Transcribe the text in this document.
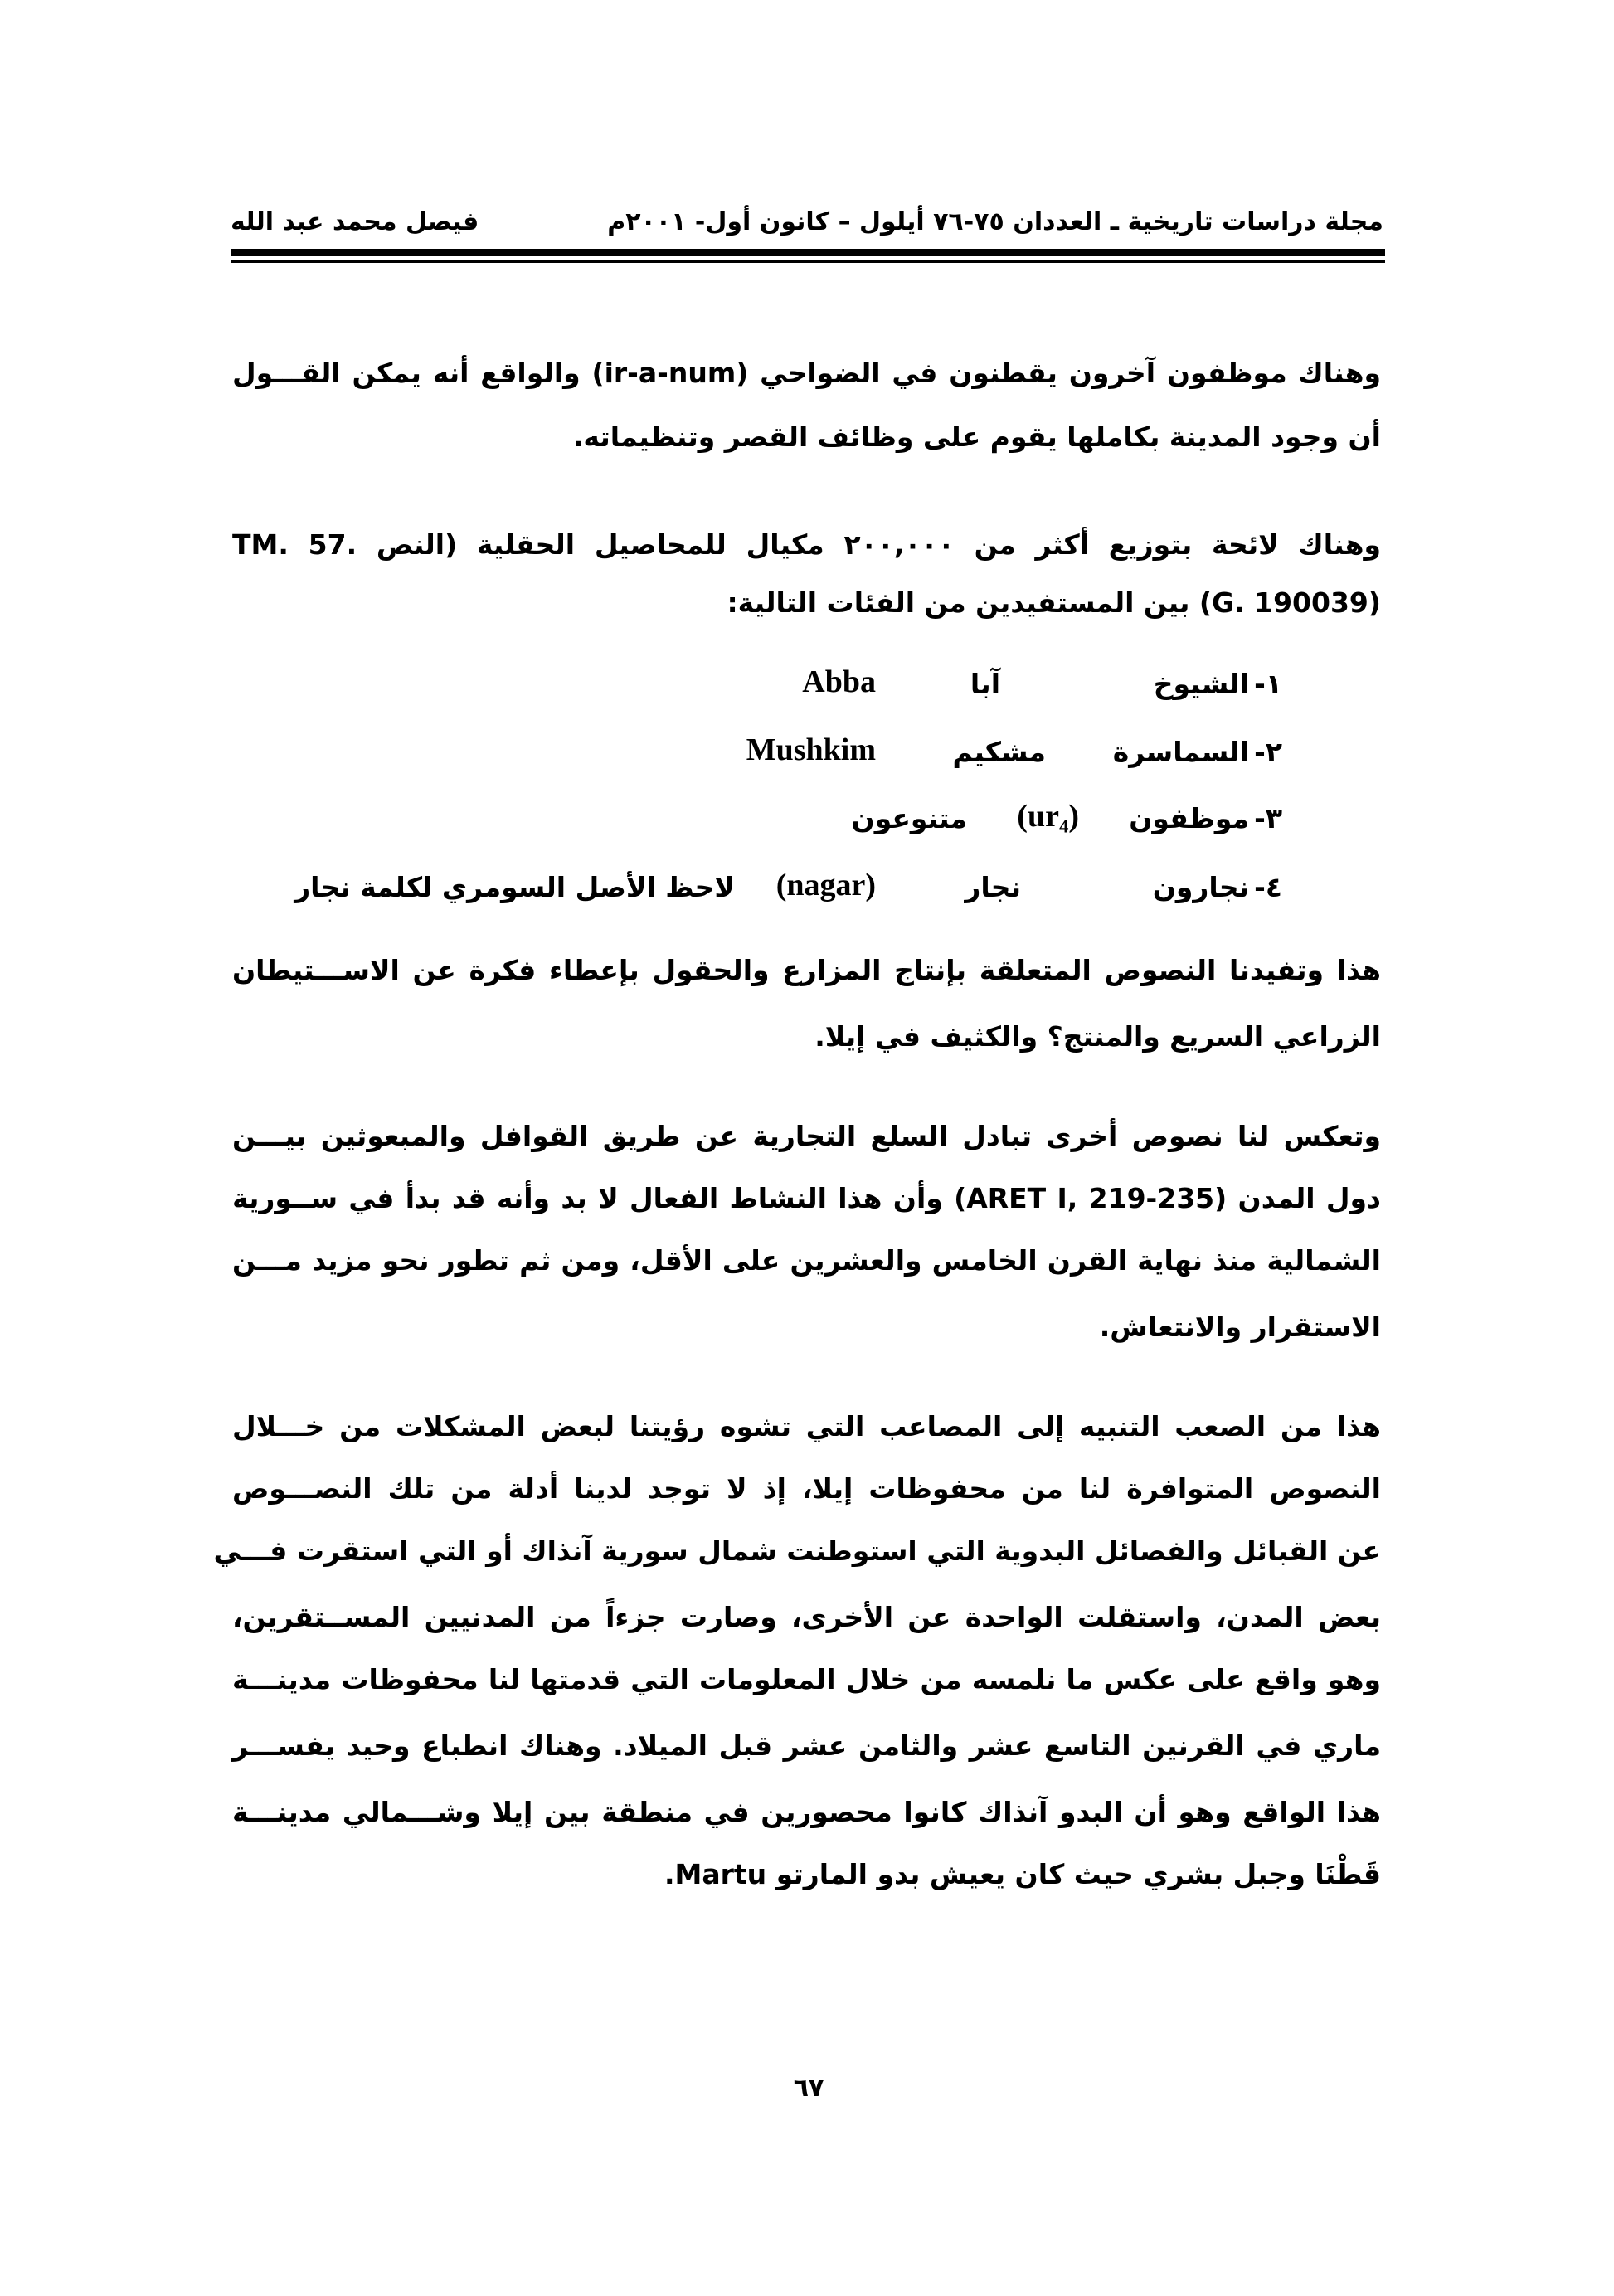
مجلة دراسات تاريخية ـ العددان ٧٥-٧٦ أيلول – كانون أول- ٢٠٠١م
فيصل محمد عبد الله
وهناك موظفون آخرون يقطنون في الضواحي (ir-a-num) والواقع أنه يمكن القـــول
أن وجود المدينة بكاملها يقوم على وظائف القصر وتنظيماته.
وهناك لائحة بتوزيع أكثر من ٢٠٠,٠٠٠ مكيال للمحاصيل الحقلية (النص .TM. 57
(G. 190039) بين المستفيدين من الفئات التالية:
١-
الشيوخ
آبا
Abba
٢-
السماسرة
مشكيم
Mushkim
٣-
موظفون
(ur₄)
متنوعون
٤-
نجارون
نجار
(nagar)
لاحظ الأصل السومري لكلمة نجار
هذا وتفيدنا النصوص المتعلقة بإنتاج المزارع والحقول بإعطاء فكرة عن الاســـتيطان
الزراعي السريع والمنتج؟ والكثيف في إيلا.
وتعكس لنا نصوص أخرى تبادل السلع التجارية عن طريق القوافل والمبعوثين بيـــن
دول المدن (ARET I, 219-235) وأن هذا النشاط الفعال لا بد وأنه قد بدأ في ســورية
الشمالية منذ نهاية القرن الخامس والعشرين على الأقل، ومن ثم تطور نحو مزيد مـــن
الاستقرار والانتعاش.
هذا من الصعب التنبيه إلى المصاعب التي تشوه رؤيتنا لبعض المشكلات من خـــلال
النصوص المتوافرة لنا من محفوظات إيلا، إذ لا توجد لدينا أدلة من تلك النصـــوص
عن القبائل والفصائل البدوية التي استوطنت شمال سورية آنذاك أو التي استقرت فـــي
بعض المدن، واستقلت الواحدة عن الأخرى، وصارت جزءاً من المدنيين المســتقرين،
وهو واقع على عكس ما نلمسه من خلال المعلومات التي قدمتها لنا محفوظات مدينـــة
ماري في القرنين التاسع عشر والثامن عشر قبل الميلاد. وهناك انطباع وحيد يفســـر
هذا الواقع وهو أن البدو آنذاك كانوا محصورين في منطقة بين إيلا وشـــمالي مدينـــة
قَطْنَا وجبل بشري حيث كان يعيش بدو المارتو Martu.
٦٧
